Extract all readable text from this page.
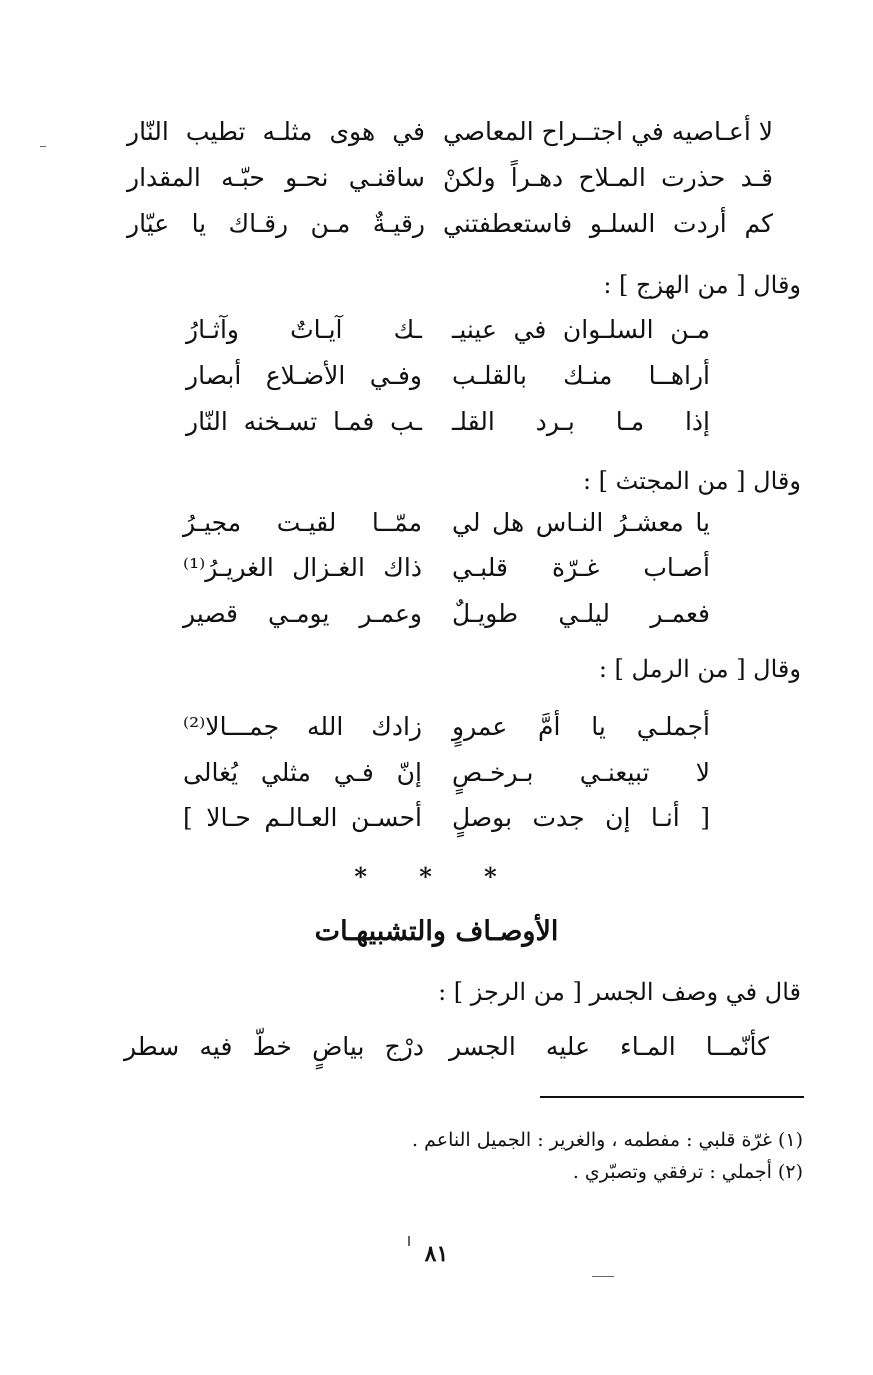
لا أعـاصيه في اجتــراح المعاصي
في هوى مثلـه تطيب النّار
قـد حذرت المـلاح دهـراً ولكنْ
ساقنـي نحـو حبّـه المقدار
كم أردت السلـو فاستعطفتني
رقيـةٌ مـن رقـاك يا عيّار
وقال [ من الهزج ] :
مـن السلـوان في عينيـ
ـك آيـاتٌ وآثـارُ
أراهــا منـك بالقلـب
وفـي الأضـلاع أبصار
إذا مـا بـرد القلـ
ـب فمـا تسـخنه النّار
وقال [ من المجتث ] :
يا معشـرُ النـاس هل لي
ممّــا لقيـت مجيـرُ
أصـاب غـرّة قلبـي
ذاك الغـزال الغريـرُ⁽¹⁾
فعمـر ليلـي طويـلٌ
وعمـر يومـي قصير
وقال [ من الرمل ] :
أجملـي يا أمَّ عمروٍ
زادك الله جمـــالا⁽²⁾
لا تبيعنـي بـرخـصٍ
إنّ فـي مثلي يُغالى
[ أنـا إن جدت بوصلٍ
أحسـن العـالـم حـالا ]
* * *
الأوصـاف والتشبيهـات
قال في وصف الجسر [ من الرجز ] :
كأنّمــا المـاء عليه الجسر
درْج بياضٍ خطّ فيه سطر
(١) غرّة قلبي : مفطمه ، والغرير : الجميل الناعم .
(٢) أجملي : ترفقي وتصبّري .
٨١
